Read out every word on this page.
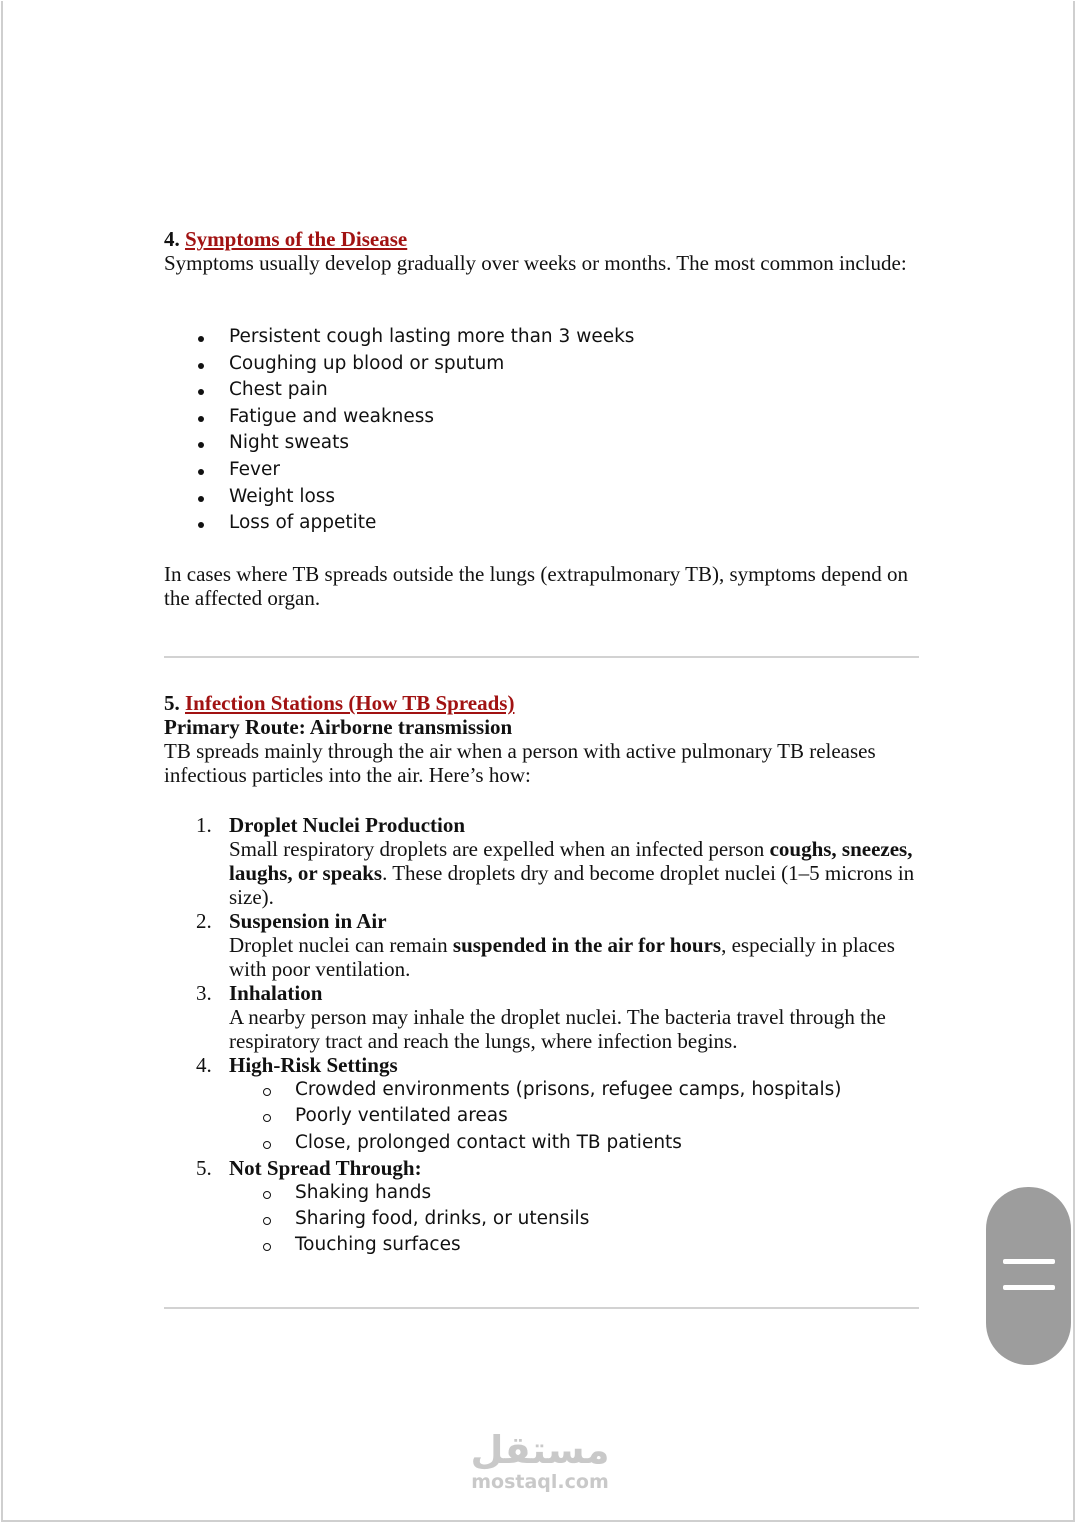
4. Symptoms of the Disease
Symptoms usually develop gradually over weeks or months. The most common include:
Persistent cough lasting more than 3 weeks
Coughing up blood or sputum
Chest pain
Fatigue and weakness
Night sweats
Fever
Weight loss
Loss of appetite
In cases where TB spreads outside the lungs (extrapulmonary TB), symptoms depend on the affected organ.
5. Infection Stations (How TB Spreads)
Primary Route: Airborne transmission
TB spreads mainly through the air when a person with active pulmonary TB releases infectious particles into the air. Here’s how:
1. Droplet Nuclei Production
Small respiratory droplets are expelled when an infected person coughs, sneezes, laughs, or speaks. These droplets dry and become droplet nuclei (1–5 microns in size).
2. Suspension in Air
Droplet nuclei can remain suspended in the air for hours, especially in places with poor ventilation.
3. Inhalation
A nearby person may inhale the droplet nuclei. The bacteria travel through the respiratory tract and reach the lungs, where infection begins.
4. High-Risk Settings
Crowded environments (prisons, refugee camps, hospitals)
Poorly ventilated areas
Close, prolonged contact with TB patients
5. Not Spread Through:
Shaking hands
Sharing food, drinks, or utensils
Touching surfaces
مستقل
mostaql.com
